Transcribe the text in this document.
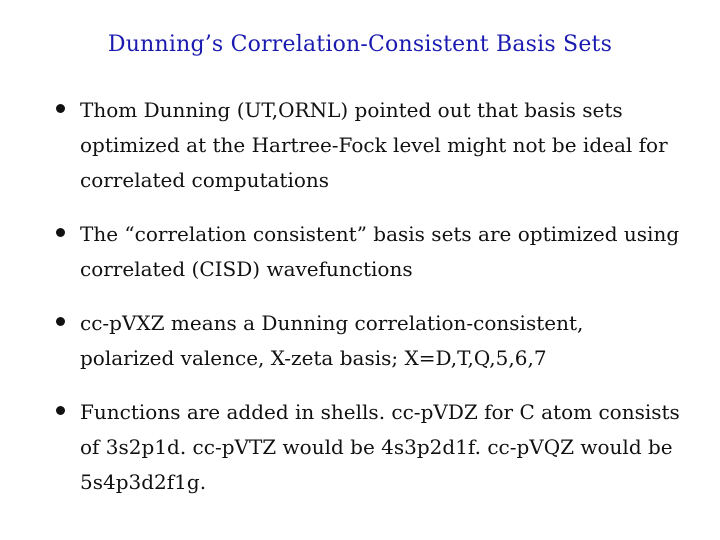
Dunning’s Correlation-Consistent Basis Sets
Thom Dunning (UT,ORNL) pointed out that basis sets optimized at the Hartree-Fock level might not be ideal for correlated computations
The “correlation consistent” basis sets are optimized using correlated (CISD) wavefunctions
cc-pVXZ means a Dunning correlation-consistent, polarized valence, X-zeta basis; X=D,T,Q,5,6,7
Functions are added in shells. cc-pVDZ for C atom consists of 3s2p1d. cc-pVTZ would be 4s3p2d1f. cc-pVQZ would be 5s4p3d2f1g.
